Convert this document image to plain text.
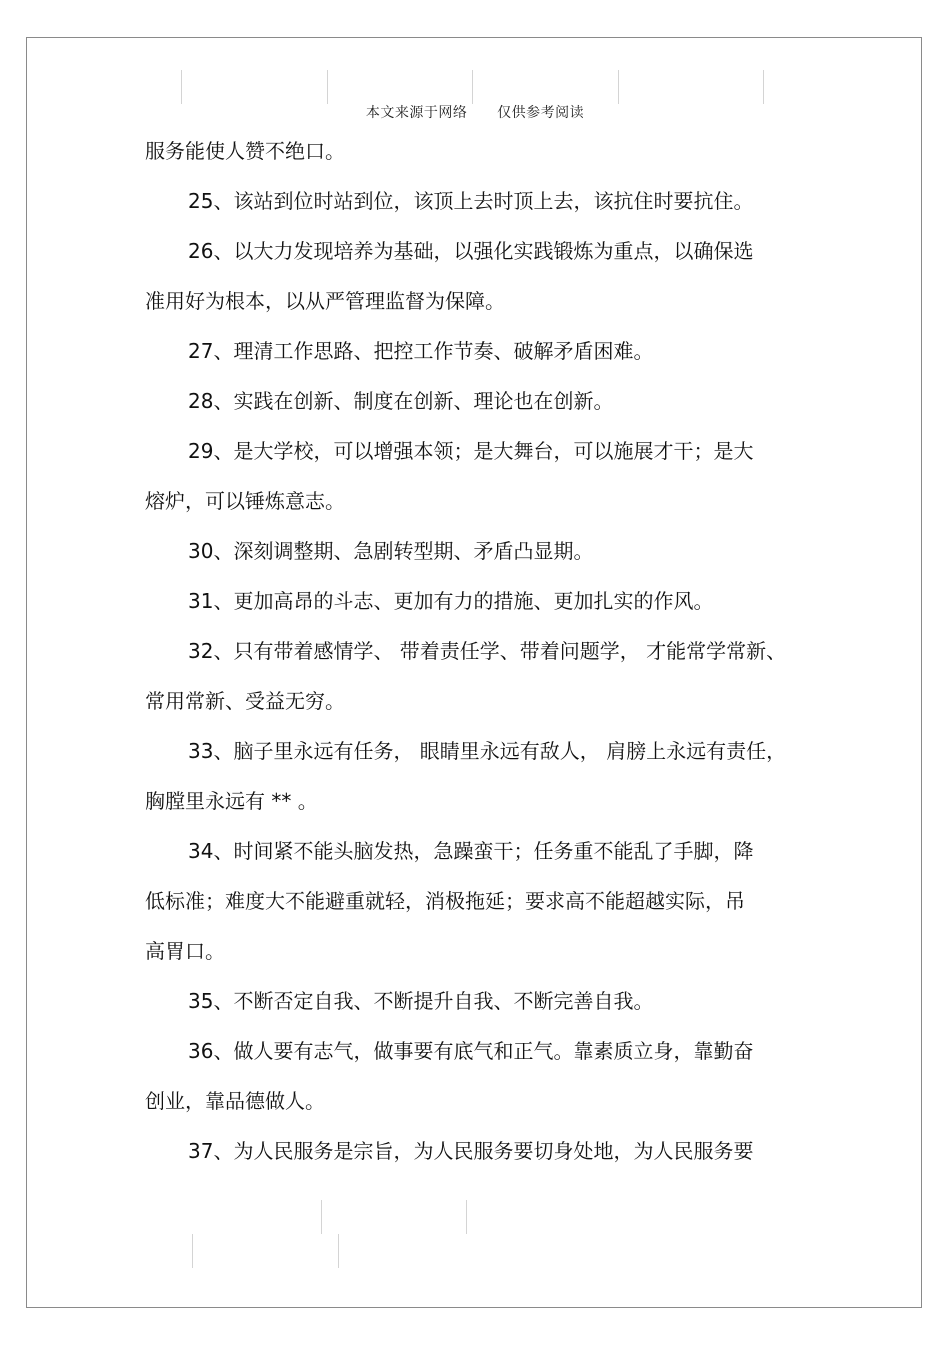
本文来源于网络      仅供参考阅读
服务能使人赞不绝口。
25、该站到位时站到位，该顶上去时顶上去，该抗住时要抗住。
26、以大力发现培养为基础，以强化实践锻炼为重点，以确保选
准用好为根本，以从严管理监督为保障。
27、理清工作思路、把控工作节奏、破解矛盾困难。
28、实践在创新、制度在创新、理论也在创新。
29、是大学校，可以增强本领；是大舞台，可以施展才干；是大
熔炉，可以锤炼意志。
30、深刻调整期、急剧转型期、矛盾凸显期。
31、更加高昂的斗志、更加有力的措施、更加扎实的作风。
32、只有带着感情学、 带着责任学、带着问题学， 才能常学常新、
常用常新、受益无穷。
33、脑子里永远有任务， 眼睛里永远有敌人， 肩膀上永远有责任，
胸膛里永远有 ** 。
34、时间紧不能头脑发热，急躁蛮干；任务重不能乱了手脚，降
低标准；难度大不能避重就轻，消极拖延；要求高不能超越实际，吊
高胃口。
35、不断否定自我、不断提升自我、不断完善自我。
36、做人要有志气，做事要有底气和正气。靠素质立身，靠勤奋
创业，靠品德做人。
37、为人民服务是宗旨，为人民服务要切身处地，为人民服务要
